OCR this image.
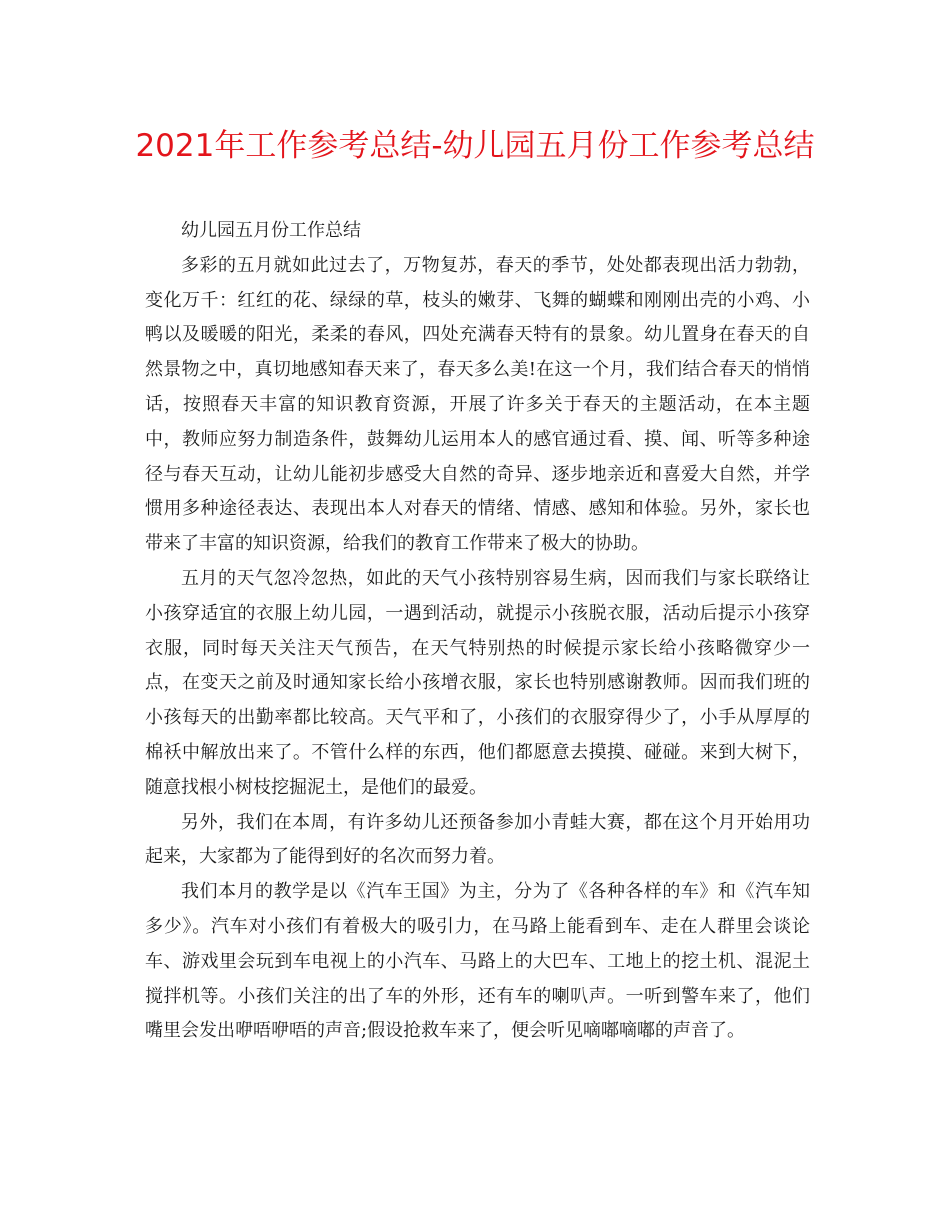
2021年工作参考总结-幼儿园五月份工作参考总结

幼儿园五月份工作总结

多彩的五月就如此过去了，万物复苏，春天的季节，处处都表现出活力勃勃，变化万千：红红的花、绿绿的草，枝头的嫩芽、飞舞的蝴蝶和刚刚出壳的小鸡、小鸭以及暖暖的阳光，柔柔的春风，四处充满春天特有的景象。幼儿置身在春天的自然景物之中，真切地感知春天来了，春天多么美!在这一个月，我们结合春天的悄悄话，按照春天丰富的知识教育资源，开展了许多关于春天的主题活动，在本主题中，教师应努力制造条件，鼓舞幼儿运用本人的感官通过看、摸、闻、听等多种途径与春天互动，让幼儿能初步感受大自然的奇异、逐步地亲近和喜爱大自然，并学惯用多种途径表达、表现出本人对春天的情绪、情感、感知和体验。另外，家长也带来了丰富的知识资源，给我们的教育工作带来了极大的协助。

五月的天气忽冷忽热，如此的天气小孩特别容易生病，因而我们与家长联络让小孩穿适宜的衣服上幼儿园，一遇到活动，就提示小孩脱衣服，活动后提示小孩穿衣服，同时每天关注天气预告，在天气特别热的时候提示家长给小孩略微穿少一点，在变天之前及时通知家长给小孩增衣服，家长也特别感谢教师。因而我们班的小孩每天的出勤率都比较高。天气平和了，小孩们的衣服穿得少了，小手从厚厚的棉袄中解放出来了。不管什么样的东西，他们都愿意去摸摸、碰碰。来到大树下，随意找根小树枝挖掘泥土，是他们的最爱。

另外，我们在本周，有许多幼儿还预备参加小青蛙大赛，都在这个月开始用功起来，大家都为了能得到好的名次而努力着。

我们本月的教学是以《汽车王国》为主，分为了《各种各样的车》和《汽车知多少》。汽车对小孩们有着极大的吸引力，在马路上能看到车、走在人群里会谈论车、游戏里会玩到车电视上的小汽车、马路上的大巴车、工地上的挖土机、混泥土搅拌机等。小孩们关注的出了车的外形，还有车的喇叭声。一听到警车来了，他们嘴里会发出咿唔咿唔的声音;假设抢救车来了，便会听见嘀嘟嘀嘟的声音了。
